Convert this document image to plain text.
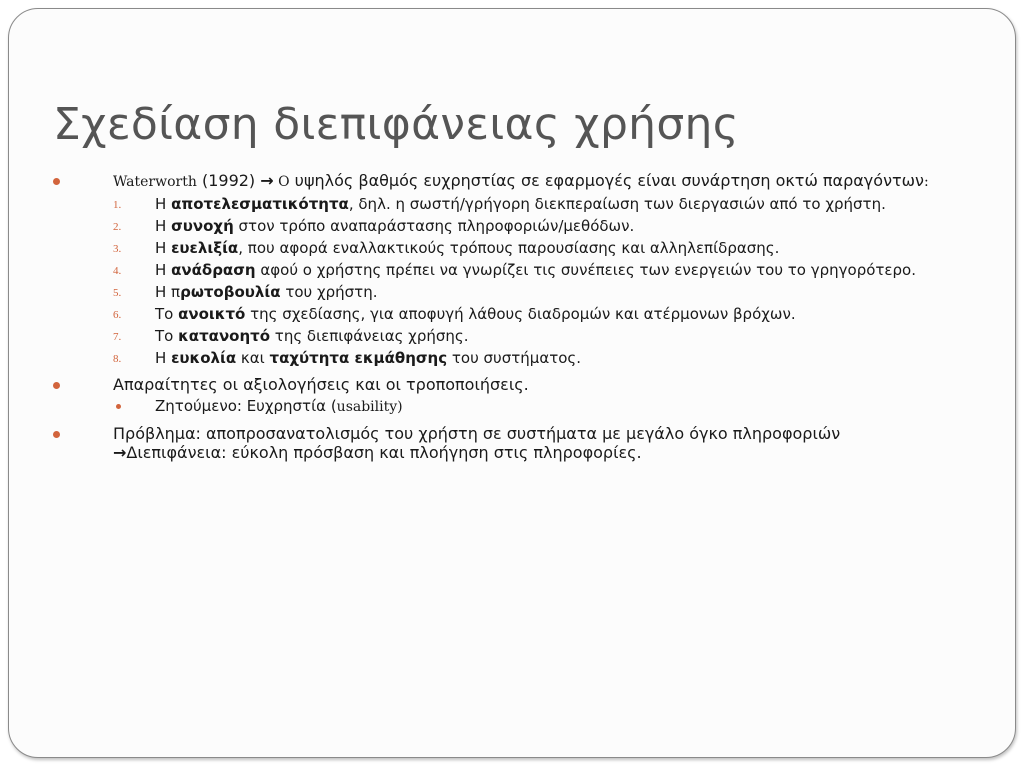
Σχεδίαση διεπιφάνειας χρήσης
Waterworth (1992) → Ο υψηλός βαθμός ευχρηστίας σε εφαρμογές είναι συνάρτηση οκτώ παραγόντων:
1. Η αποτελεσματικότητα, δηλ. η σωστή/γρήγορη διεκπεραίωση των διεργασιών από το χρήστη.
2. Η συνοχή στον τρόπο αναπαράστασης πληροφοριών/μεθόδων.
3. Η ευελιξία, που αφορά εναλλακτικούς τρόπους παρουσίασης και αλληλεπίδρασης.
4. Η ανάδραση αφού ο χρήστης πρέπει να γνωρίζει τις συνέπειες των ενεργειών του το γρηγορότερο.
5. Η πρωτοβουλία του χρήστη.
6. Το ανοικτό της σχεδίασης, για αποφυγή λάθους διαδρομών και ατέρμονων βρόχων.
7. Το κατανοητό της διεπιφάνειας χρήσης.
8. Η ευκολία και ταχύτητα εκμάθησης του συστήματος.
Απαραίτητες οι αξιολογήσεις και οι τροποποιήσεις.
Ζητούμενο: Ευχρηστία (usability)
Πρόβλημα: αποπροσανατολισμός του χρήστη σε συστήματα με μεγάλο όγκο πληροφοριών
→Διεπιφάνεια: εύκολη πρόσβαση και πλοήγηση στις πληροφορίες.
